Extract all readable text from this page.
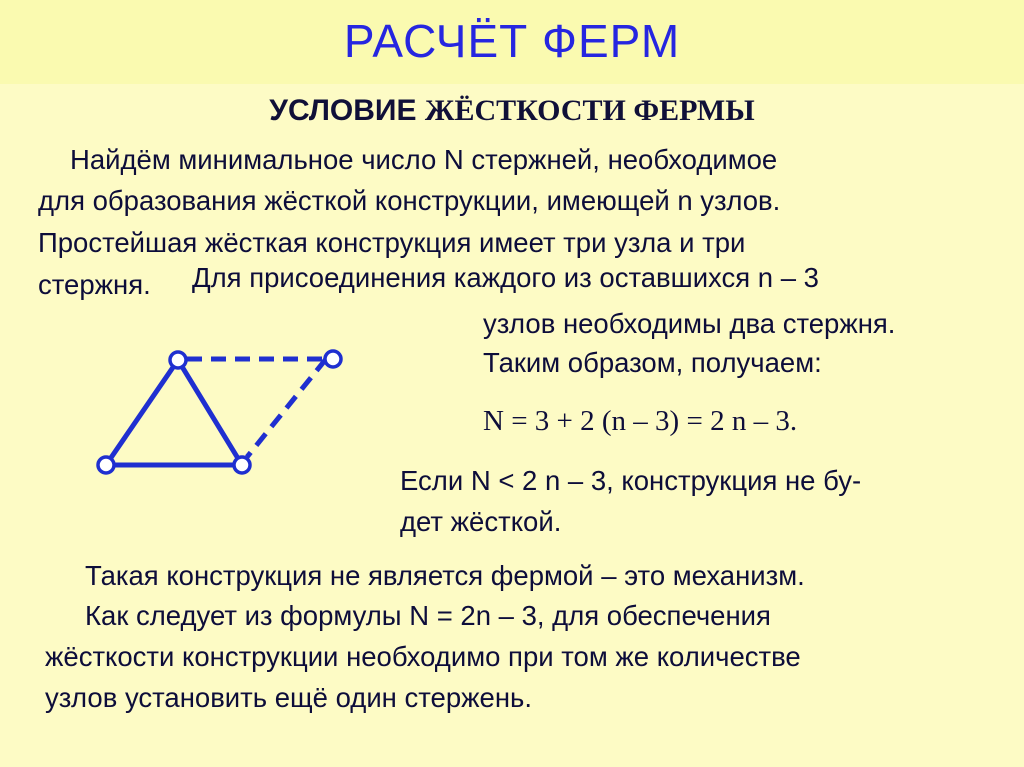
РАСЧЁТ ФЕРМ
УСЛОВИЕ ЖЁСТКОСТИ ФЕРМЫ
Найдём минимальное число N стержней, необходимое
для образования жёсткой конструкции, имеющей n узлов.
Простейшая жёсткая конструкция имеет три узла и три
стержня. Для присоединения каждого из оставшихся n – 3
узлов необходимы два стержня.
Таким образом, получаем:
N = 3 + 2 (n – 3) = 2 n – 3.
Если N < 2 n – 3, конструкция не бу-
дет жёсткой.
Такая конструкция не является фермой – это механизм.
Как следует из формулы N = 2n – 3, для обеспечения
жёсткости конструкции необходимо при том же количестве
узлов установить ещё один стержень.
